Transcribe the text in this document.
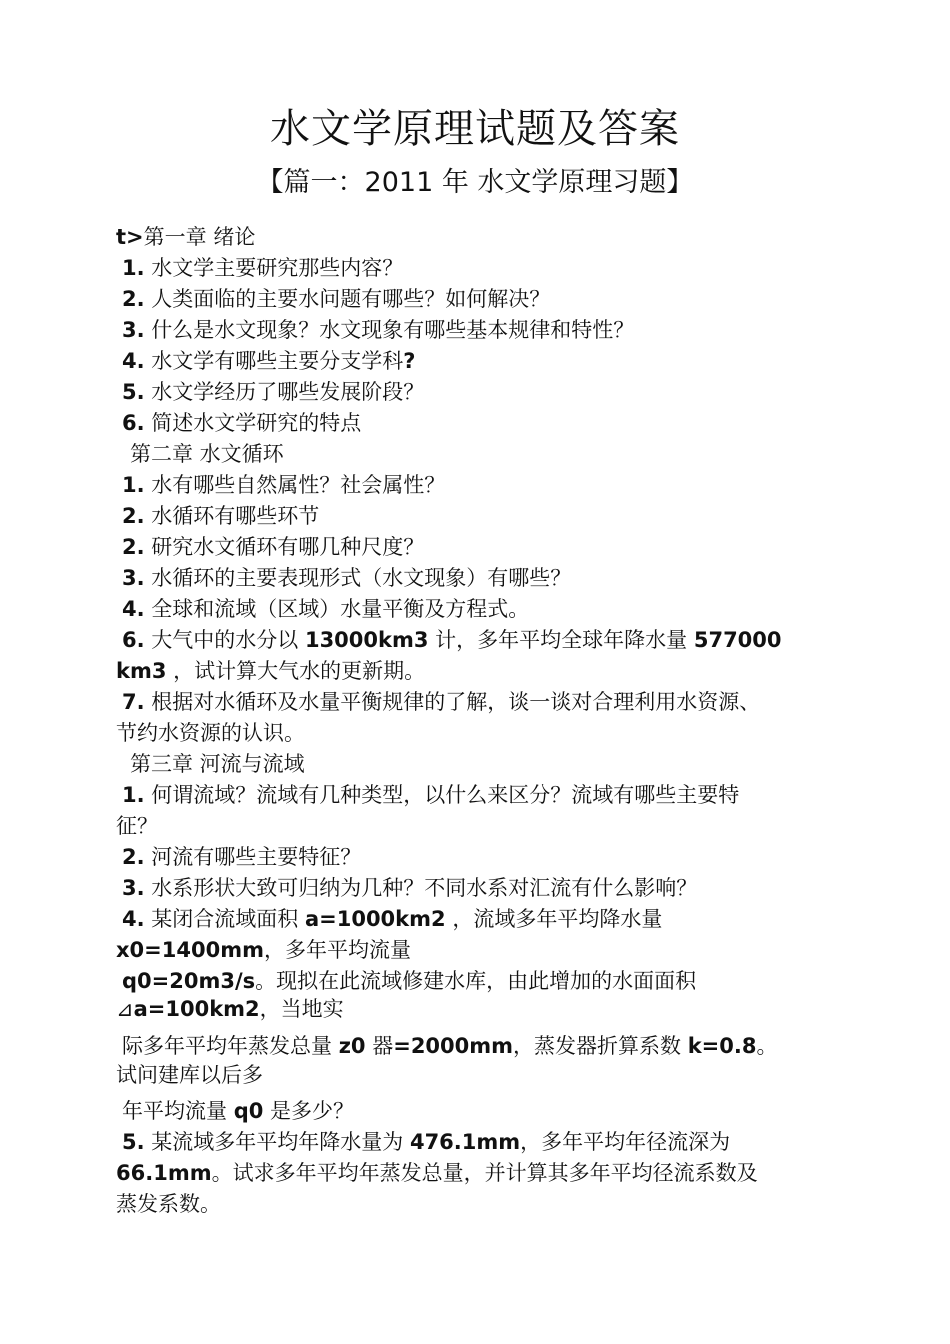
水文学原理试题及答案
【篇一：2011 年 水文学原理习题】
t>第一章 绪论
1. 水文学主要研究那些内容？
2. 人类面临的主要水问题有哪些？如何解决？
3. 什么是水文现象？水文现象有哪些基本规律和特性？
4. 水文学有哪些主要分支学科?
5. 水文学经历了哪些发展阶段？
6. 简述水文学研究的特点
第二章 水文循环
1. 水有哪些自然属性？社会属性？
2. 水循环有哪些环节
2. 研究水文循环有哪几种尺度？
3. 水循环的主要表现形式（水文现象）有哪些？
4. 全球和流域（区域）水量平衡及方程式。
6. 大气中的水分以 13000km3 计，多年平均全球年降水量 577000
km3 ，试计算大气水的更新期。
7. 根据对水循环及水量平衡规律的了解，谈一谈对合理利用水资源、
节约水资源的认识。
第三章 河流与流域
1. 何谓流域？流域有几种类型，以什么来区分？流域有哪些主要特
征？
2. 河流有哪些主要特征？
3. 水系形状大致可归纳为几种？不同水系对汇流有什么影响？
4. 某闭合流域面积 a=1000km2 ，流域多年平均降水量
x0=1400mm，多年平均流量
q0=20m3/s。现拟在此流域修建水库，由此增加的水面面积
⊿a=100km2，当地实
际多年平均年蒸发总量 z0 器=2000mm，蒸发器折算系数 k=0.8。
试问建库以后多
年平均流量 q0 是多少？
5. 某流域多年平均年降水量为 476.1mm，多年平均年径流深为
66.1mm。试求多年平均年蒸发总量，并计算其多年平均径流系数及
蒸发系数。
